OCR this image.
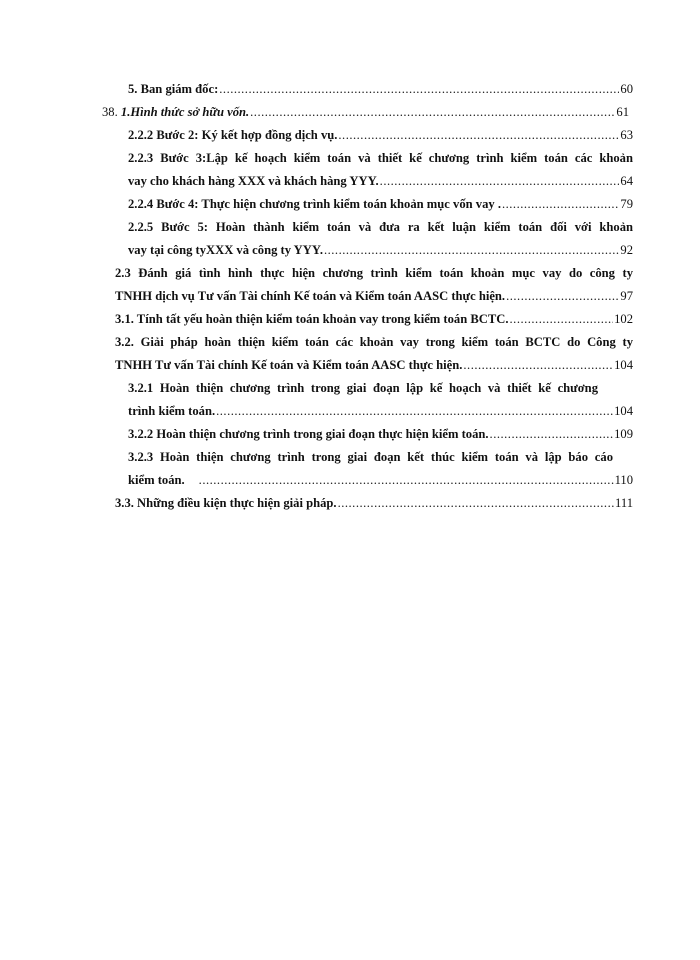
5. Ban giám đốc: .....	60
38. 1.Hình thức sở hữu vốn. .....	61
2.2.2 Bước 2: Ký kết hợp đồng dịch vụ. .....	63
2.2.3 Bước 3:Lập kế hoạch kiểm toán và thiết kế chương trình kiểm toán các khoản
vay cho khách hàng XXX và khách hàng YYY. .....	64
2.2.4 Bước 4: Thực hiện chương trình kiểm toán khoản mục vốn vay . .....	79
2.2.5 Bước 5: Hoàn thành kiểm toán và đưa ra kết luận kiểm toán đối với khoản
vay tại công tyXXX và công ty YYY. .....	92
2.3 Đánh giá tình hình thực hiện chương trình kiểm toán khoản mục vay do công ty
TNHH dịch vụ Tư vấn Tài chính Kế toán và Kiểm toán AASC thực hiện. .....	97
3.1. Tính tất yếu hoàn thiện kiểm toán khoản vay trong kiểm toán BCTC. .....	102
3.2. Giải pháp hoàn thiện kiểm toán các khoản vay trong kiểm toán BCTC do Công ty
TNHH Tư vấn Tài chính Kế toán và Kiểm toán AASC thực hiện. .....	104
3.2.1 Hoàn thiện chương trình trong giai đoạn lập kế hoạch và thiết kế chương
trình kiểm toán. .....	104
3.2.2 Hoàn thiện chương trình trong giai đoạn thực hiện kiểm toán. .....	109
3.2.3 Hoàn thiện chương trình trong giai đoạn kết thúc kiểm toán và lập báo cáo
kiểm toán. .....	110
3.3. Những điều kiện thực hiện giải pháp. .....	111
